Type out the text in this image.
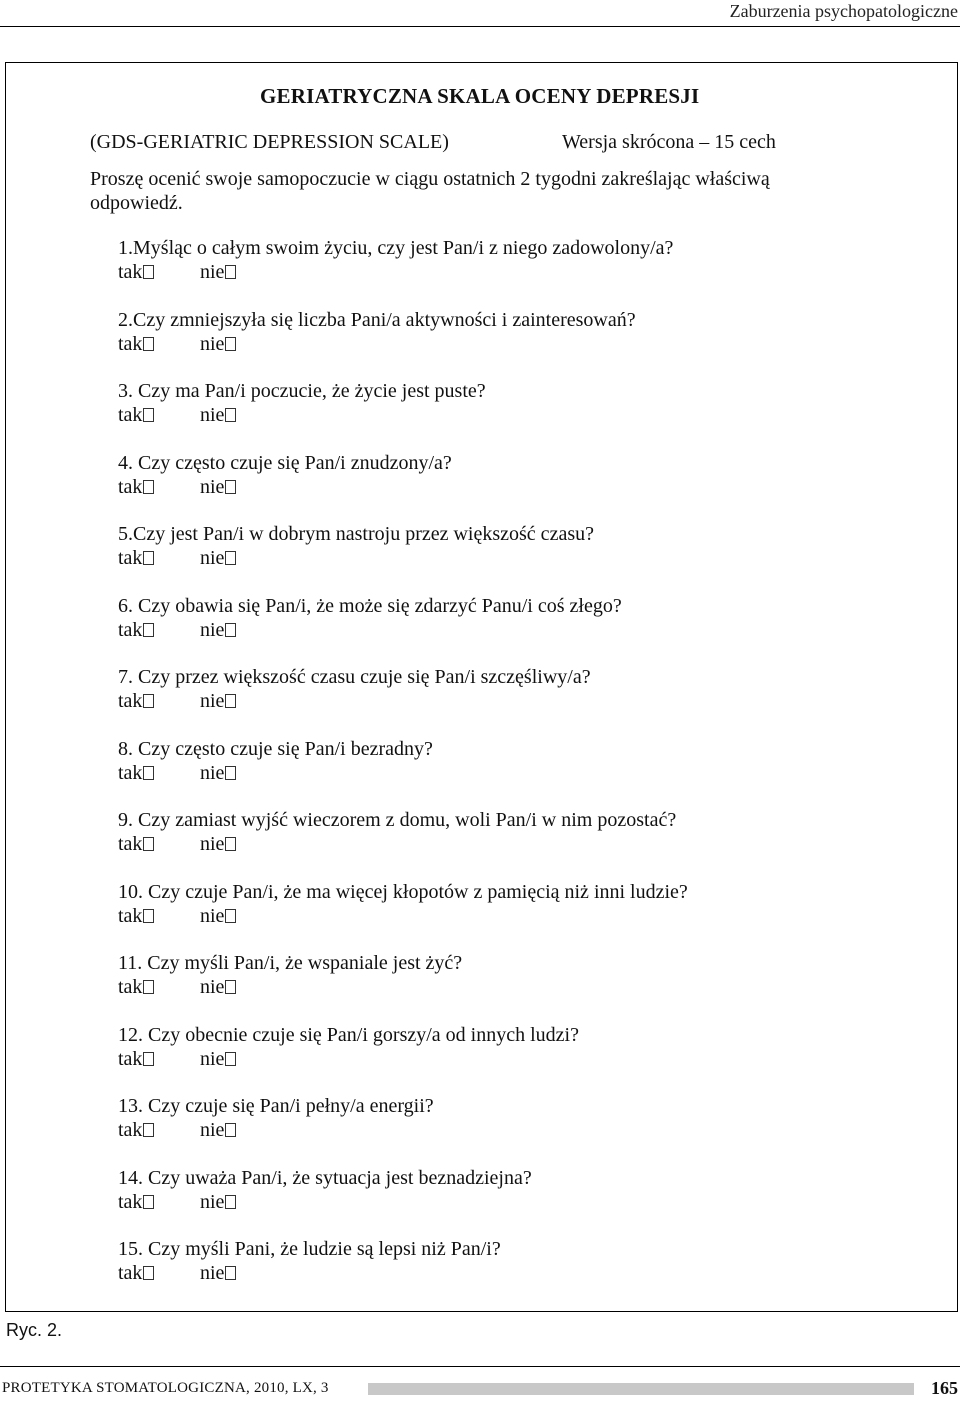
Zaburzenia psychopatologiczne
GERIATRYCZNA SKALA OCENY DEPRESJI
(GDS-GERIATRIC DEPRESSION SCALE)	Wersja skrócona – 15 cech
Proszę ocenić swoje samopoczucie w ciągu ostatnich 2 tygodni zakreślając właściwą odpowiedź.
1.Myśląc o całym swoim życiu, czy jest Pan/i z niego zadowolony/a?
tak	nie
2.Czy zmniejszyła się liczba Pani/a aktywności i zainteresowań?
tak	nie
3. Czy ma Pan/i poczucie, że życie jest puste?
tak	nie
4. Czy często czuje się Pan/i znudzony/a?
tak	nie
5.Czy jest Pan/i w dobrym nastroju przez większość czasu?
tak	nie
6. Czy obawia się Pan/i, że może się zdarzyć Panu/i coś złego?
tak	nie
7. Czy przez większość czasu czuje się Pan/i szczęśliwy/a?
tak	nie
8. Czy często czuje się Pan/i bezradny?
tak	nie
9. Czy zamiast wyjść wieczorem z domu, woli Pan/i w nim pozostać?
tak	nie
10. Czy czuje Pan/i, że ma więcej kłopotów z pamięcią niż inni ludzie?
tak	nie
11. Czy myśli Pan/i, że wspaniale jest żyć?
tak	nie
12. Czy obecnie czuje się Pan/i gorszy/a od innych ludzi?
tak	nie
13. Czy czuje się Pan/i pełny/a energii?
tak	nie
14. Czy uważa Pan/i, że sytuacja jest beznadziejna?
tak	nie
15. Czy myśli Pani, że ludzie są lepsi niż Pan/i?
tak	nie
Ryc. 2.
PROTETYKA STOMATOLOGICZNA, 2010, LX, 3	165
